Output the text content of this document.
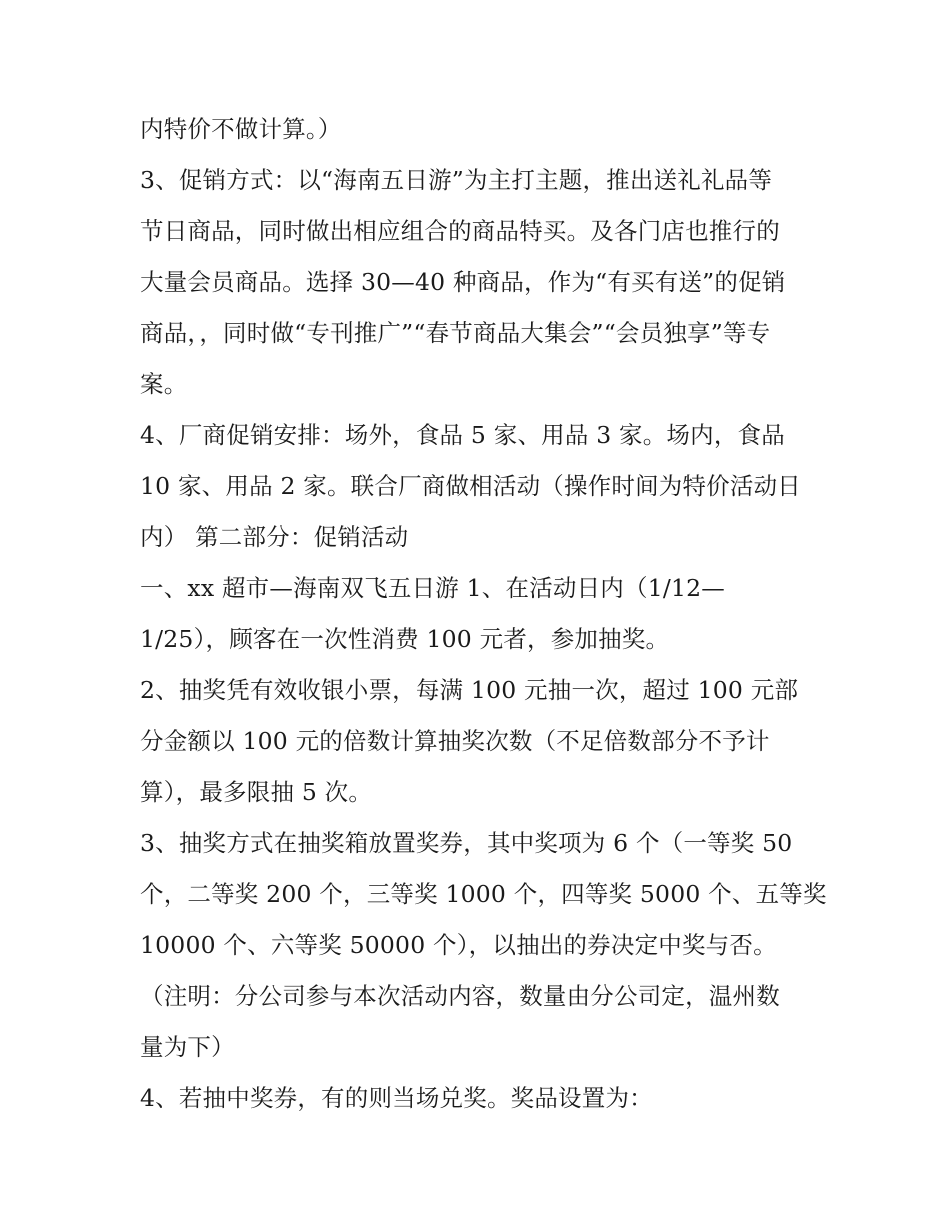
内特价不做计算。）
3、促销方式：以“海南五日游”为主打主题，推出送礼礼品等
节日商品，同时做出相应组合的商品特买。及各门店也推行的
大量会员商品。选择 30—40 种商品，作为“有买有送”的促销
商品，，同时做“专刊推广”“春节商品大集会”“会员独享”等专
案。
4、厂商促销安排：场外，食品 5 家、用品 3 家。场内，食品
10 家、用品 2 家。联合厂商做相活动（操作时间为特价活动日
内） 第二部分：促销活动
一、xx 超市—海南双飞五日游 1、在活动日内（1/12—
1/25），顾客在一次性消费 100 元者，参加抽奖。
2、抽奖凭有效收银小票，每满 100 元抽一次，超过 100 元部
分金额以 100 元的倍数计算抽奖次数（不足倍数部分不予计
算），最多限抽 5 次。
3、抽奖方式在抽奖箱放置奖券，其中奖项为 6 个（一等奖 50
个，二等奖 200 个，三等奖 1000 个，四等奖 5000 个、五等奖
10000 个、六等奖 50000 个），以抽出的券决定中奖与否。
（注明：分公司参与本次活动内容，数量由分公司定，温州数
量为下）
4、若抽中奖券，有的则当场兑奖。奖品设置为：
